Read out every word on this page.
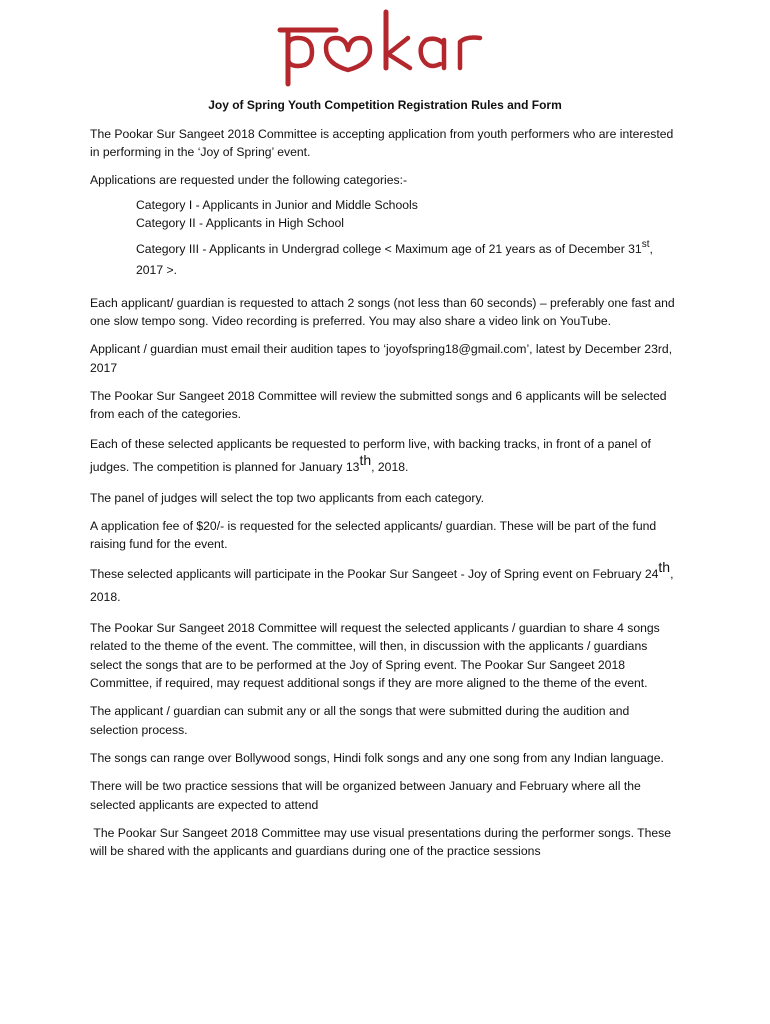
Joy of Spring Youth Competition Registration Rules and Form

The Pookar Sur Sangeet 2018 Committee is accepting application from youth performers who are interested in performing in the ‘Joy of Spring’ event.

Applications are requested under the following categories:-

Category I - Applicants in Junior and Middle Schools
Category II - Applicants in High School
Category III - Applicants in Undergrad college < Maximum age of 21 years as of December 31st,
2017 >.

Each applicant/ guardian is requested to attach 2 songs (not less than 60 seconds) – preferably one fast and one slow tempo song. Video recording is preferred. You may also share a video link on YouTube.

Applicant / guardian must email their audition tapes to ‘joyofspring18@gmail.com’, latest by December 23rd, 2017

The Pookar Sur Sangeet 2018 Committee will review the submitted songs and 6 applicants will be selected from each of the categories.

Each of these selected applicants be requested to perform live, with backing tracks, in front of a panel of judges. The competition is planned for January 13th, 2018.

The panel of judges will select the top two applicants from each category.

A application fee of $20/- is requested for the selected applicants/ guardian. These will be part of the fund raising fund for the event.

These selected applicants will participate in the Pookar Sur Sangeet - Joy of Spring event on February 24th, 2018.

The Pookar Sur Sangeet 2018 Committee will request the selected applicants / guardian to share 4 songs related to the theme of the event. The committee, will then, in discussion with the applicants / guardians select the songs that are to be performed at the Joy of Spring event. The Pookar Sur Sangeet 2018 Committee, if required, may request additional songs if they are more aligned to the theme of the event.

The applicant / guardian can submit any or all the songs that were submitted during the audition and selection process.

The songs can range over Bollywood songs, Hindi folk songs and any one song from any Indian language.

There will be two practice sessions that will be organized between January and February where all the selected applicants are expected to attend

The Pookar Sur Sangeet 2018 Committee may use visual presentations during the performer songs. These will be shared with the applicants and guardians during one of the practice sessions
